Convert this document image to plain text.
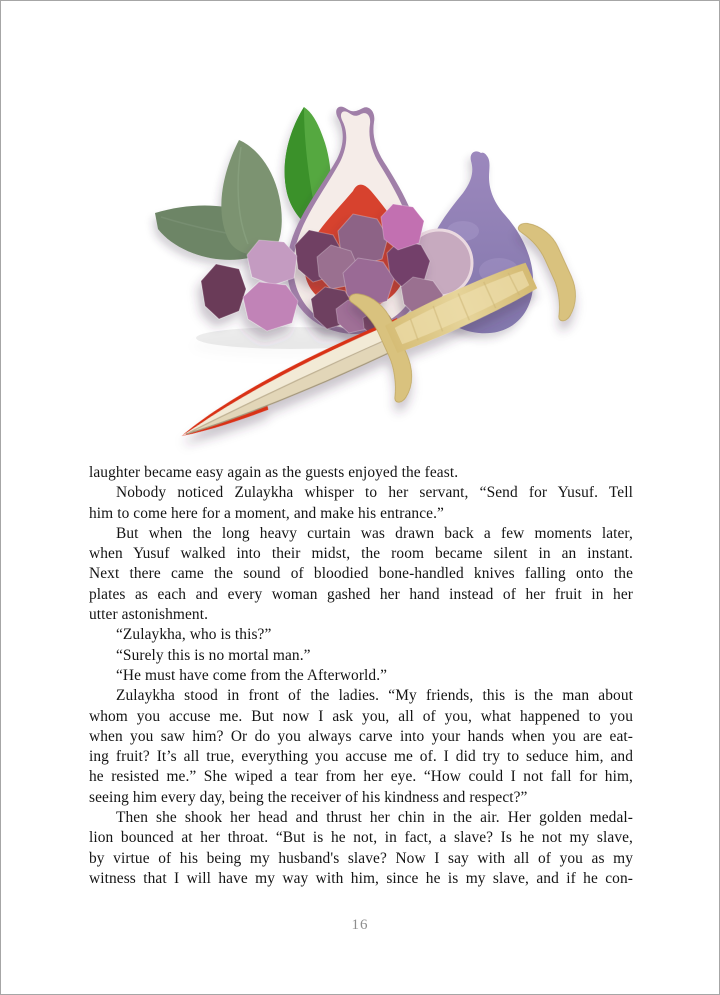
laughter became easy again as the guests enjoyed the feast.
Nobody noticed Zulaykha whisper to her servant, “Send for Yusuf. Tell
him to come here for a moment, and make his entrance.”
But when the long heavy curtain was drawn back a few moments later,
when Yusuf walked into their midst, the room became silent in an instant.
Next there came the sound of bloodied bone-handled knives falling onto the
plates as each and every woman gashed her hand instead of her fruit in her
utter astonishment.
“Zulaykha, who is this?”
“Surely this is no mortal man.”
“He must have come from the Afterworld.”
Zulaykha stood in front of the ladies. “My friends, this is the man about
whom you accuse me. But now I ask you, all of you, what happened to you
when you saw him? Or do you always carve into your hands when you are eat-
ing fruit? It’s all true, everything you accuse me of. I did try to seduce him, and
he resisted me.” She wiped a tear from her eye. “How could I not fall for him,
seeing him every day, being the receiver of his kindness and respect?”
Then she shook her head and thrust her chin in the air. Her golden medal-
lion bounced at her throat. “But is he not, in fact, a slave? Is he not my slave,
by virtue of his being my husband's slave? Now I say with all of you as my
witness that I will have my way with him, since he is my slave, and if he con-
16
